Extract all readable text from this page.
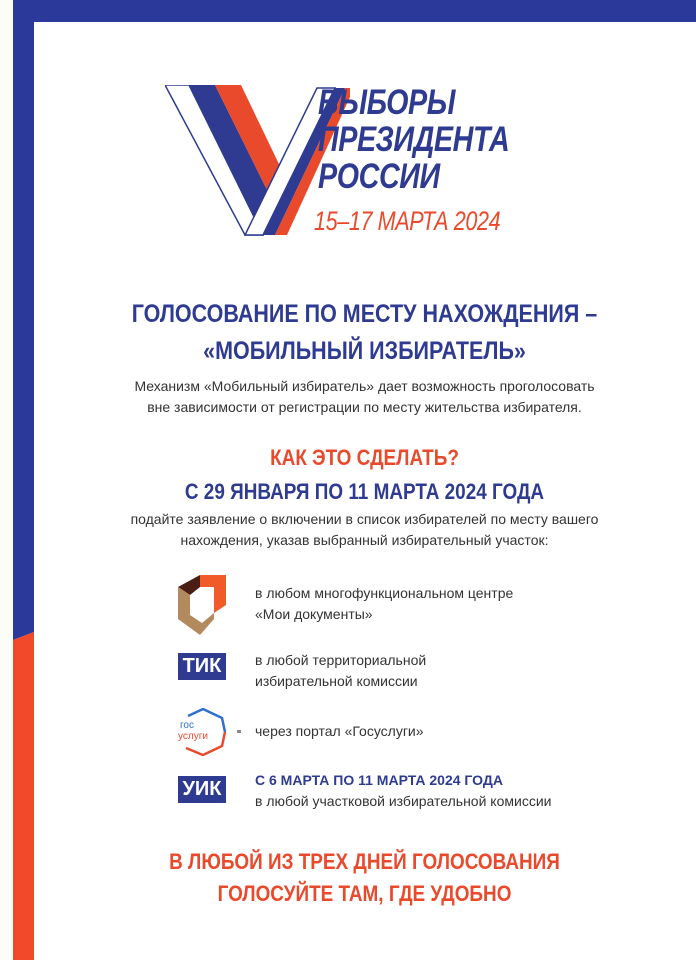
ВЫБОРЫ
ПРЕЗИДЕНТА
РОССИИ
15–17 МАРТА 2024
ГОЛОСОВАНИЕ ПО МЕСТУ НАХОЖДЕНИЯ –
«МОБИЛЬНЫЙ ИЗБИРАТЕЛЬ»
Механизм «Мобильный избиратель» дает возможность проголосовать
вне зависимости от регистрации по месту жительства избирателя.
КАК ЭТО СДЕЛАТЬ?
С 29 ЯНВАРЯ ПО 11 МАРТА 2024 ГОДА
подайте заявление о включении в список избирателей по месту вашего
нахождения, указав выбранный избирательный участок:
в любом многофункциональном центре
«Мои документы»
ТИК	в любой территориальной
избирательной комиссии
гос
услуги	через портал «Госуслуги»
УИК	С 6 МАРТА ПО 11 МАРТА 2024 ГОДА
в любой участковой избирательной комиссии
В ЛЮБОЙ ИЗ ТРЕХ ДНЕЙ ГОЛОСОВАНИЯ
ГОЛОСУЙТЕ ТАМ, ГДЕ УДОБНО
